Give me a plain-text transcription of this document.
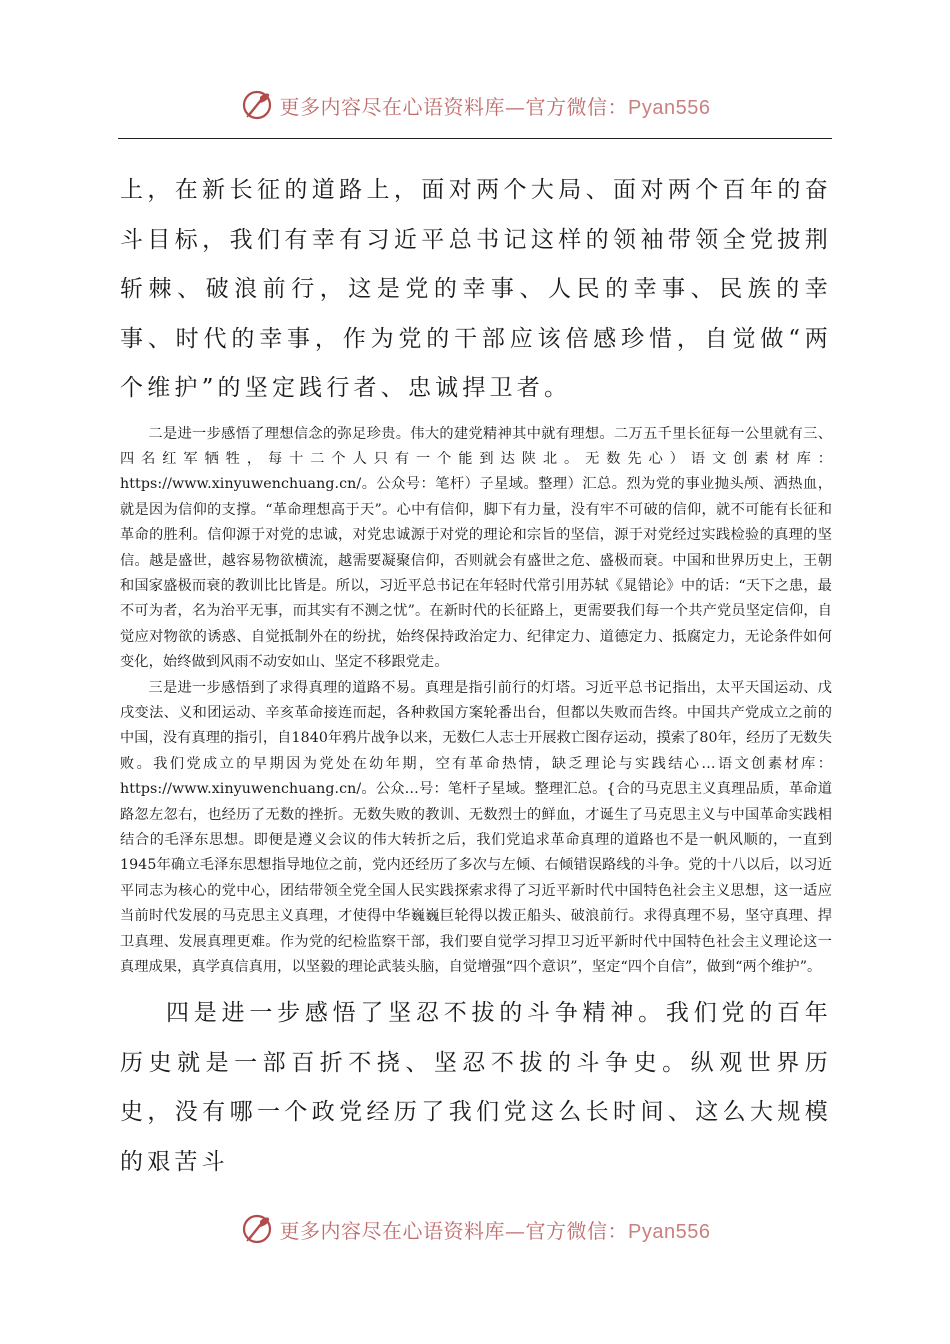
更多内容尽在心语资料库—官方微信：Pyan556

上，在新长征的道路上，面对两个大局、面对两个百年的奋斗目标，我们有幸有习近平总书记这样的领袖带领全党披荆斩棘、破浪前行，这是党的幸事、人民的幸事、民族的幸事、时代的幸事，作为党的干部应该倍感珍惜，自觉做“两个维护”的坚定践行者、忠诚捍卫者。

二是进一步感悟了理想信念的弥足珍贵。伟大的建党精神其中就有理想。二万五千里长征每一公里就有三、四名红军牺牲，每十二个人只有一个能到达陕北。无数先心）语文创素材库：https://www.xinyuwenchuang.cn/。公众号：笔杆）子星域。整理）汇总。烈为党的事业抛头颅、洒热血，就是因为信仰的支撑。“革命理想高于天”。心中有信仰，脚下有力量，没有牢不可破的信仰，就不可能有长征和革命的胜利。信仰源于对党的忠诚，对党忠诚源于对党的理论和宗旨的坚信，源于对党经过实践检验的真理的坚信。越是盛世，越容易物欲横流，越需要凝聚信仰，否则就会有盛世之危、盛极而衰。中国和世界历史上，王朝和国家盛极而衰的教训比比皆是。所以，习近平总书记在年轻时代常引用苏轼《晁错论》中的话：“天下之患，最不可为者，名为治平无事，而其实有不测之忧”。在新时代的长征路上，更需要我们每一个共产党员坚定信仰，自觉应对物欲的诱惑、自觉抵制外在的纷扰，始终保持政治定力、纪律定力、道德定力、抵腐定力，无论条件如何变化，始终做到风雨不动安如山、坚定不移跟党走。

三是进一步感悟到了求得真理的道路不易。真理是指引前行的灯塔。习近平总书记指出，太平天国运动、戊戌变法、义和团运动、辛亥革命接连而起，各种救国方案轮番出台，但都以失败而告终。中国共产党成立之前的中国，没有真理的指引，自1840年鸦片战争以来，无数仁人志士开展救亡图存运动，摸索了80年，经历了无数失败。我们党成立的早期因为党处在幼年期，空有革命热情，缺乏理论与实践结心…语文创素材库：https://www.xinyuwenchuang.cn/。公众…号：笔杆子星域。整理汇总。{合的马克思主义真理品质，革命道路忽左忽右，也经历了无数的挫折。无数失败的教训、无数烈士的鲜血，才诞生了马克思主义与中国革命实践相结合的毛泽东思想。即便是遵义会议的伟大转折之后，我们党追求革命真理的道路也不是一帆风顺的，一直到1945年确立毛泽东思想指导地位之前，党内还经历了多次与左倾、右倾错误路线的斗争。党的十八以后，以习近平同志为核心的党中心，团结带领全党全国人民实践探索求得了习近平新时代中国特色社会主义思想，这一适应当前时代发展的马克思主义真理，才使得中华巍巍巨轮得以拨正船头、破浪前行。求得真理不易，坚守真理、捍卫真理、发展真理更难。作为党的纪检监察干部，我们要自觉学习捍卫习近平新时代中国特色社会主义理论这一真理成果，真学真信真用，以坚毅的理论武装头脑，自觉增强“四个意识”，坚定“四个自信”，做到“两个维护”。

四是进一步感悟了坚忍不拔的斗争精神。我们党的百年历史就是一部百折不挠、坚忍不拔的斗争史。纵观世界历史，没有哪一个政党经历了我们党这么长时间、这么大规模的艰苦斗

更多内容尽在心语资料库—官方微信：Pyan556
